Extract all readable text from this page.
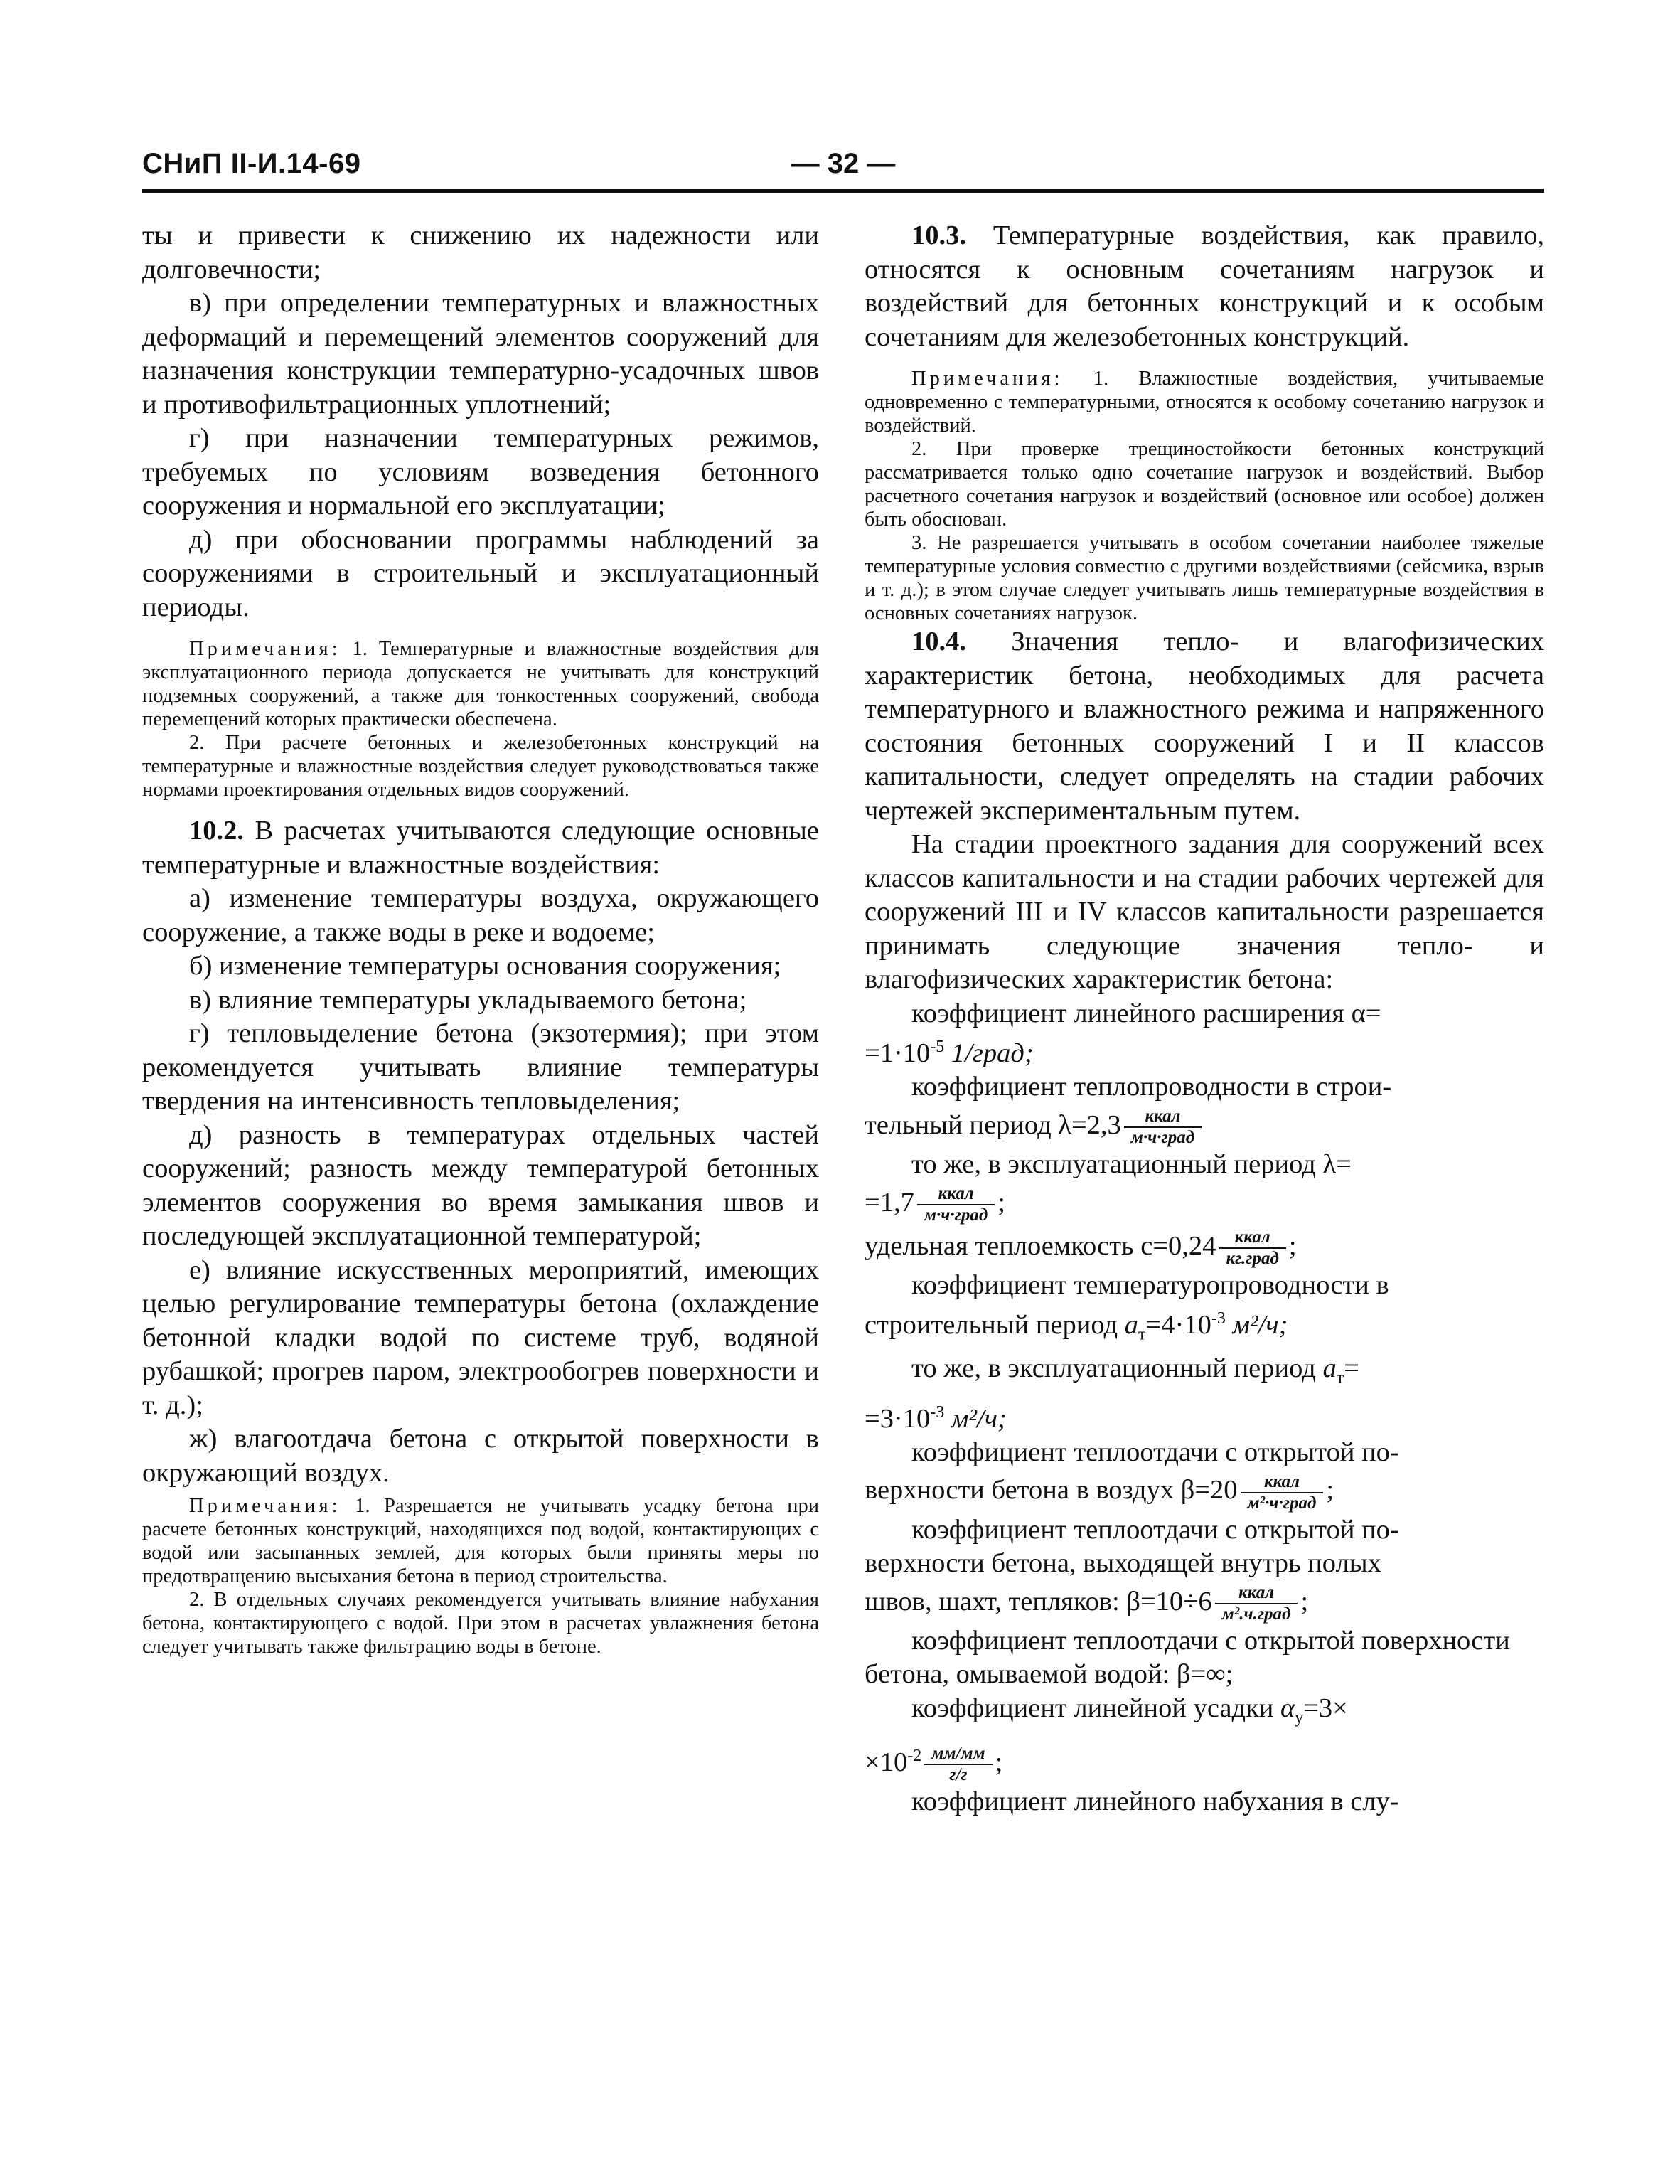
СНиП II-И.14-69	— 32 —

ты и привести к снижению их надежности или долговечности;

в) при определении температурных и влажностных деформаций и перемещений элементов сооружений для назначения конструкции температурно-усадочных швов и противофильтрационных уплотнений;

г) при назначении температурных режимов, требуемых по условиям возведения бетонного сооружения и нормальной его эксплуатации;

д) при обосновании программы наблюдений за сооружениями в строительный и эксплуатационный периоды.

Примечания: 1. Температурные и влажностные воздействия для эксплуатационного периода допускается не учитывать для конструкций подземных сооружений, а также для тонкостенных сооружений, свобода перемещений которых практически обеспечена.

2. При расчете бетонных и железобетонных конструкций на температурные и влажностные воздействия следует руководствоваться также нормами проектирования отдельных видов сооружений.

10.2. В расчетах учитываются следующие основные температурные и влажностные воздействия:

а) изменение температуры воздуха, окружающего сооружение, а также воды в реке и водоеме;

б) изменение температуры основания сооружения;

в) влияние температуры укладываемого бетона;

г) тепловыделение бетона (экзотермия); при этом рекомендуется учитывать влияние температуры твердения на интенсивность тепловыделения;

д) разность в температурах отдельных частей сооружений; разность между температурой бетонных элементов сооружения во время замыкания швов и последующей эксплуатационной температурой;

е) влияние искусственных мероприятий, имеющих целью регулирование температуры бетона (охлаждение бетонной кладки водой по системе труб, водяной рубашкой; прогрев паром, электрообогрев поверхности и т. д.);

ж) влагоотдача бетона с открытой поверхности в окружающий воздух.

Примечания: 1. Разрешается не учитывать усадку бетона при расчете бетонных конструкций, находящихся под водой, контактирующих с водой или засыпанных землей, для которых были приняты меры по предотвращению высыхания бетона в период строительства.

2. В отдельных случаях рекомендуется учитывать влияние набухания бетона, контактирующего с водой. При этом в расчетах увлажнения бетона следует учитывать также фильтрацию воды в бетоне.

10.3. Температурные воздействия, как правило, относятся к основным сочетаниям нагрузок и воздействий для бетонных конструкций и к особым сочетаниям для железобетонных конструкций.

Примечания: 1. Влажностные воздействия, учитываемые одновременно с температурными, относятся к особому сочетанию нагрузок и воздействий.

2. При проверке трещиностойкости бетонных конструкций рассматривается только одно сочетание нагрузок и воздействий. Выбор расчетного сочетания нагрузок и воздействий (основное или особое) должен быть обоснован.

3. Не разрешается учитывать в особом сочетании наиболее тяжелые температурные условия совместно с другими воздействиями (сейсмика, взрыв и т. д.); в этом случае следует учитывать лишь температурные воздействия в основных сочетаниях нагрузок.

10.4. Значения тепло- и влагофизических характеристик бетона, необходимых для расчета температурного и влажностного режима и напряженного состояния бетонных сооружений I и II классов капитальности, следует определять на стадии рабочих чертежей экспериментальным путем.

На стадии проектного задания для сооружений всех классов капитальности и на стадии рабочих чертежей для сооружений III и IV классов капитальности разрешается принимать следующие значения тепло- и влагофизических характеристик бетона:

коэффициент линейного расширения α=

$=1\cdot 10^{-5}$ 1/град;

коэффициент теплопроводности в строи-

тельный период $\lambda=2,3 \frac{\text{ккал}}{\text{м·ч·град}}$

то же, в эксплуатационный период λ=

$=1,7 \frac{\text{ккал}}{\text{м·ч·град}}$ ;

удельная теплоемкость $с=0,24 \frac{\text{ккал}}{\text{кг.град}}$ ;

коэффициент температуропроводности в

строительный период $а_т=4\cdot 10^{-3}$ м²/ч;

то же, в эксплуатационный период $а_т=$

$=3\cdot 10^{-3}$ м²/ч;

коэффициент теплоотдачи с открытой по-

верхности бетона в воздух $\beta=20 \frac{\text{ккал}}{\text{м²·ч·град}}$ ;

коэффициент теплоотдачи с открытой по-

верхности бетона, выходящей внутрь полых

швов, шахт, тепляков: $\beta=10\div 6 \frac{\text{ккал}}{\text{м².ч.град}}$ ;

коэффициент теплоотдачи с открытой поверхности бетона, омываемой водой: β=∞;

коэффициент линейной усадки $\alpha_у=3\times$

$\times 10^{-2} \frac{мм/мм}{г/г}$ ;

коэффициент линейного набухания в слу-
